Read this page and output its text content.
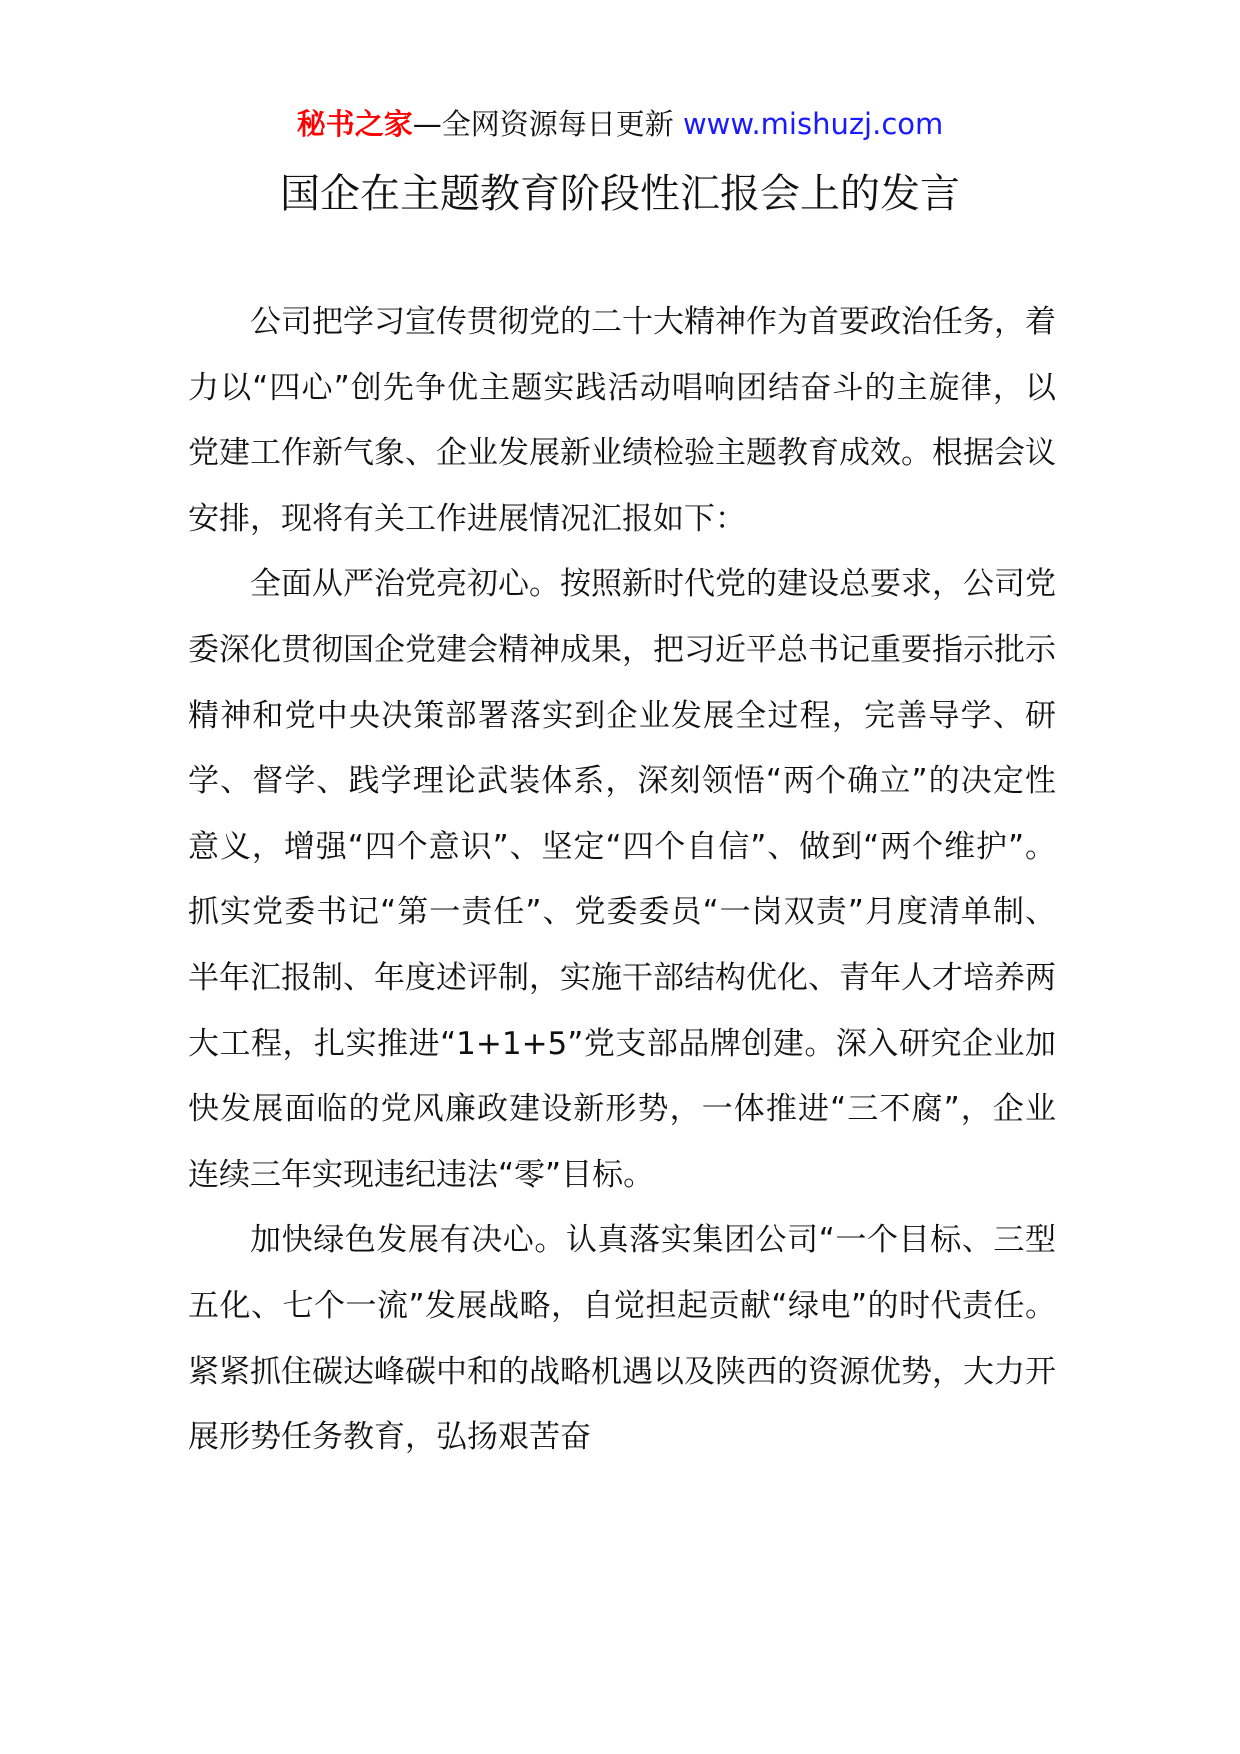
秘书之家—全网资源每日更新 www.mishuzj.com
国企在主题教育阶段性汇报会上的发言

公司把学习宣传贯彻党的二十大精神作为首要政治任务，着力以“四心”创先争优主题实践活动唱响团结奋斗的主旋律，以党建工作新气象、企业发展新业绩检验主题教育成效。根据会议安排，现将有关工作进展情况汇报如下：

全面从严治党亮初心。按照新时代党的建设总要求，公司党委深化贯彻国企党建会精神成果，把习近平总书记重要指示批示精神和党中央决策部署落实到企业发展全过程，完善导学、研学、督学、践学理论武装体系，深刻领悟“两个确立”的决定性意义，增强“四个意识”、坚定“四个自信”、做到“两个维护”。抓实党委书记“第一责任”、党委委员“一岗双责”月度清单制、半年汇报制、年度述评制，实施干部结构优化、青年人才培养两大工程，扎实推进“1+1+5”党支部品牌创建。深入研究企业加快发展面临的党风廉政建设新形势，一体推进“三不腐”，企业连续三年实现违纪违法“零”目标。

加快绿色发展有决心。认真落实集团公司“一个目标、三型五化、七个一流”发展战略，自觉担起贡献“绿电”的时代责任。紧紧抓住碳达峰碳中和的战略机遇以及陕西的资源优势，大力开展形势任务教育，弘扬艰苦奋
